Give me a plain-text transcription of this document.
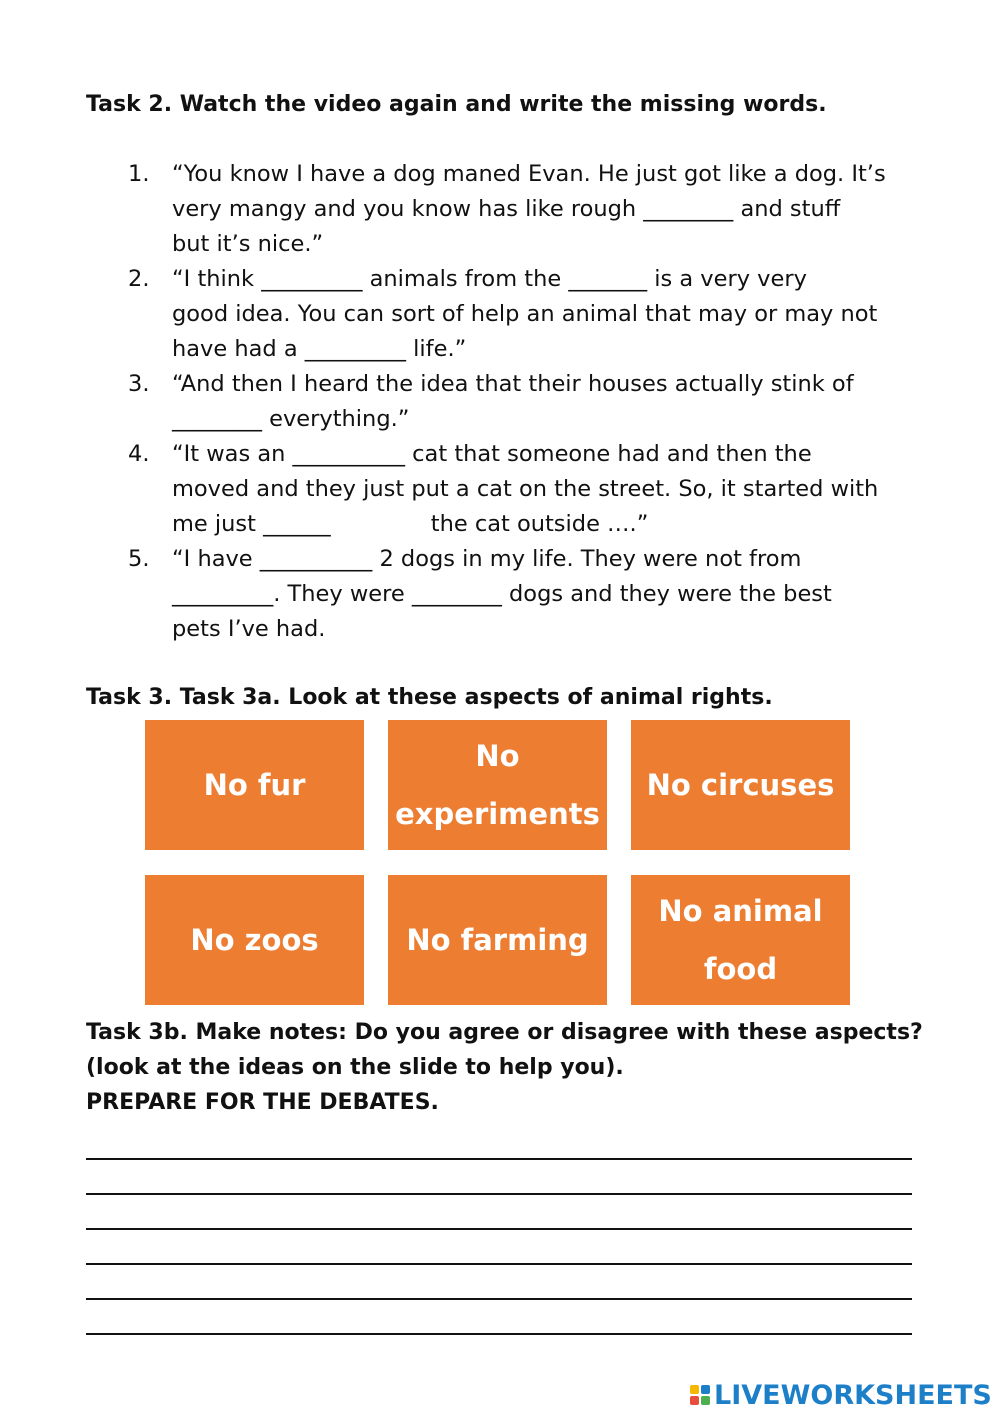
Task 2. Watch the video again and write the missing words.
1. “You know I have a dog maned Evan. He just got like a dog. It’s
very mangy and you know has like rough ________ and stuff
but it’s nice.”
2. “I think _________ animals from the _______ is a very very
good idea. You can sort of help an animal that may or may not
have had a _________ life.”
3. “And then I heard the idea that their houses actually stink of
________ everything.”
4. “It was an __________ cat that someone had and then the
moved and they just put a cat on the street. So, it started with
me just ______              the cat outside ….”
5. “I have __________ 2 dogs in my life. They were not from
_________. They were ________ dogs and they were the best
pets I’ve had.
Task 3. Task 3a. Look at these aspects of animal rights.
No fur
No
experiments
No circuses
No zoos	No farming
No animal
food
Task 3b. Make notes: Do you agree or disagree with these aspects?
(look at the ideas on the slide to help you).
PREPARE FOR THE DEBATES.
LIVEWORKSHEETS
